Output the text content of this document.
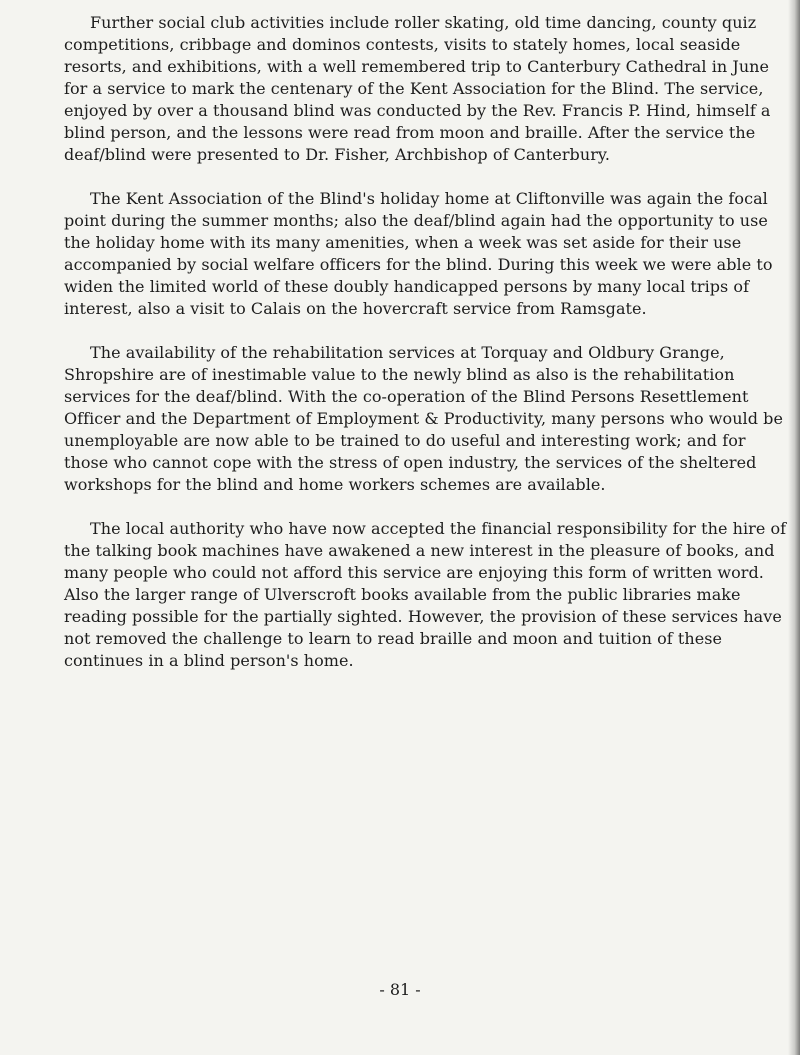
Further social club activities include roller skating, old time dancing, county quiz competitions, cribbage and dominos contests, visits to stately homes, local seaside resorts, and exhibitions, with a well remembered trip to Canterbury Cathedral in June for a service to mark the centenary of the Kent Association for the Blind. The service, enjoyed by over a thousand blind was conducted by the Rev. Francis P. Hind, himself a blind person, and the lessons were read from moon and braille. After the service the deaf/blind were presented to Dr. Fisher, Archbishop of Canterbury.

The Kent Association of the Blind's holiday home at Cliftonville was again the focal point during the summer months; also the deaf/blind again had the opportunity to use the holiday home with its many amenities, when a week was set aside for their use accompanied by social welfare officers for the blind. During this week we were able to widen the limited world of these doubly handicapped persons by many local trips of interest, also a visit to Calais on the hovercraft service from Ramsgate.

The availability of the rehabilitation services at Torquay and Oldbury Grange, Shropshire are of inestimable value to the newly blind as also is the rehabilitation services for the deaf/blind. With the co-operation of the Blind Persons Resettlement Officer and the Department of Employment & Productivity, many persons who would be unemployable are now able to be trained to do useful and interesting work; and for those who cannot cope with the stress of open industry, the services of the sheltered workshops for the blind and home workers schemes are available.

The local authority who have now accepted the financial responsibility for the hire of the talking book machines have awakened a new interest in the pleasure of books, and many people who could not afford this service are enjoying this form of written word. Also the larger range of Ulverscroft books available from the public libraries make reading possible for the partially sighted. However, the provision of these services have not removed the challenge to learn to read braille and moon and tuition of these continues in a blind person's home.

- 81 -
